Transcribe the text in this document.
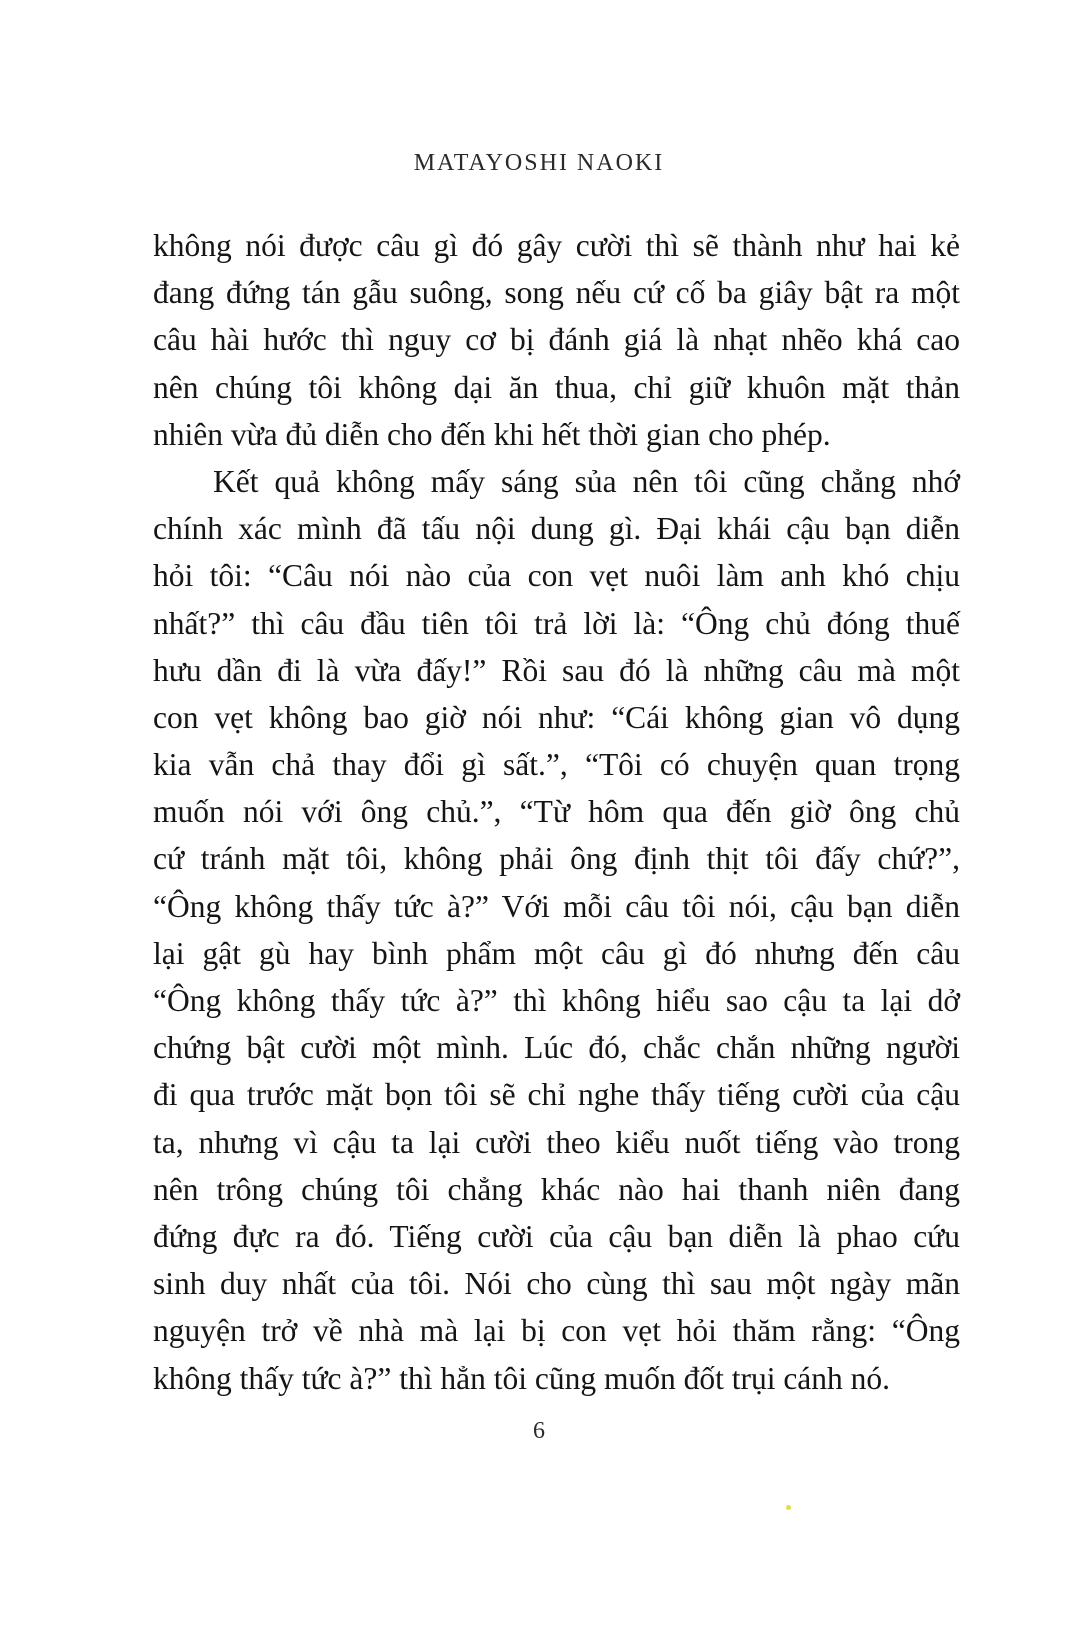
MATAYOSHI NAOKI
không nói được câu gì đó gây cười thì sẽ thành như hai kẻ
đang đứng tán gẫu suông, song nếu cứ cố ba giây bật ra một
câu hài hước thì nguy cơ bị đánh giá là nhạt nhẽo khá cao
nên chúng tôi không dại ăn thua, chỉ giữ khuôn mặt thản
nhiên vừa đủ diễn cho đến khi hết thời gian cho phép.
Kết quả không mấy sáng sủa nên tôi cũng chẳng nhớ
chính xác mình đã tấu nội dung gì. Đại khái cậu bạn diễn
hỏi tôi: “Câu nói nào của con vẹt nuôi làm anh khó chịu
nhất?” thì câu đầu tiên tôi trả lời là: “Ông chủ đóng thuế
hưu dần đi là vừa đấy!” Rồi sau đó là những câu mà một
con vẹt không bao giờ nói như: “Cái không gian vô dụng
kia vẫn chả thay đổi gì sất.”, “Tôi có chuyện quan trọng
muốn nói với ông chủ.”, “Từ hôm qua đến giờ ông chủ
cứ tránh mặt tôi, không phải ông định thịt tôi đấy chứ?”,
“Ông không thấy tức à?” Với mỗi câu tôi nói, cậu bạn diễn
lại gật gù hay bình phẩm một câu gì đó nhưng đến câu
“Ông không thấy tức à?” thì không hiểu sao cậu ta lại dở
chứng bật cười một mình. Lúc đó, chắc chắn những người
đi qua trước mặt bọn tôi sẽ chỉ nghe thấy tiếng cười của cậu
ta, nhưng vì cậu ta lại cười theo kiểu nuốt tiếng vào trong
nên trông chúng tôi chẳng khác nào hai thanh niên đang
đứng đực ra đó. Tiếng cười của cậu bạn diễn là phao cứu
sinh duy nhất của tôi. Nói cho cùng thì sau một ngày mãn
nguyện trở về nhà mà lại bị con vẹt hỏi thăm rằng: “Ông
không thấy tức à?” thì hẳn tôi cũng muốn đốt trụi cánh nó.
6
